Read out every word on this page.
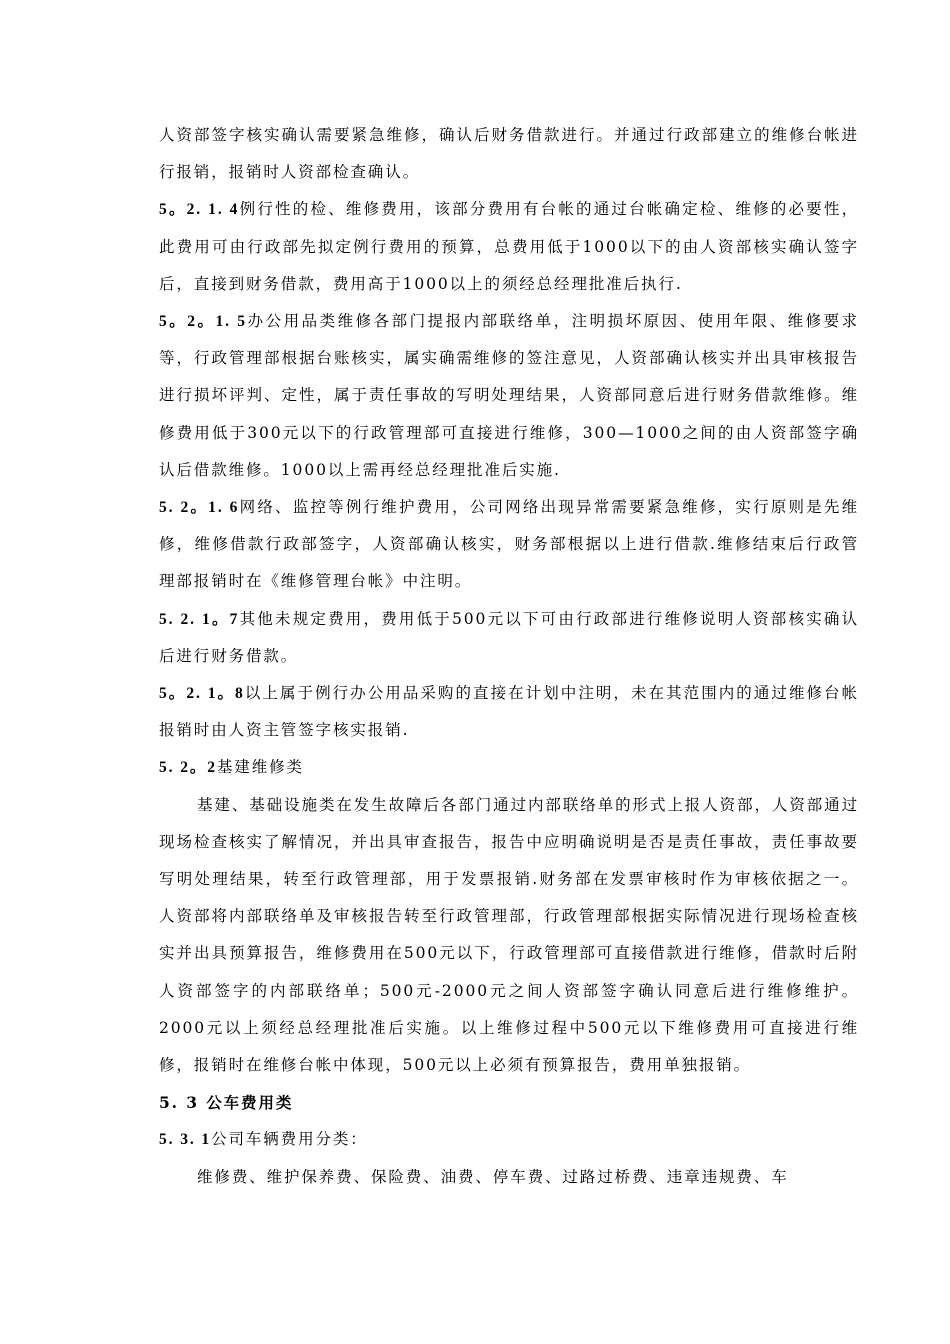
人资部签字核实确认需要紧急维修，确认后财务借款进行。并通过行政部建立的维修台帐进行报销，报销时人资部检查确认。

5。2. 1. 4例行性的检、维修费用，该部分费用有台帐的通过台帐确定检、维修的必要性，此费用可由行政部先拟定例行费用的预算，总费用低于1000以下的由人资部核实确认签字后，直接到财务借款，费用高于1000以上的须经总经理批准后执行.

5。2。1. 5办公用品类维修各部门提报内部联络单，注明损坏原因、使用年限、维修要求等，行政管理部根据台账核实，属实确需维修的签注意见，人资部确认核实并出具审核报告进行损坏评判、定性，属于责任事故的写明处理结果，人资部同意后进行财务借款维修。维修费用低于300元以下的行政管理部可直接进行维修，300—1000之间的由人资部签字确认后借款维修。1000以上需再经总经理批准后实施.

5. 2。1. 6网络、监控等例行维护费用，公司网络出现异常需要紧急维修，实行原则是先维修，维修借款行政部签字，人资部确认核实，财务部根据以上进行借款.维修结束后行政管理部报销时在《维修管理台帐》中注明。

5. 2. 1。7其他未规定费用，费用低于500元以下可由行政部进行维修说明人资部核实确认后进行财务借款。

5。2. 1。8以上属于例行办公用品采购的直接在计划中注明，未在其范围内的通过维修台帐报销时由人资主管签字核实报销.

5. 2。2基建维修类

基建、基础设施类在发生故障后各部门通过内部联络单的形式上报人资部，人资部通过现场检查核实了解情况，并出具审查报告，报告中应明确说明是否是责任事故，责任事故要写明处理结果，转至行政管理部，用于发票报销.财务部在发票审核时作为审核依据之一。人资部将内部联络单及审核报告转至行政管理部，行政管理部根据实际情况进行现场检查核实并出具预算报告，维修费用在500元以下，行政管理部可直接借款进行维修，借款时后附人资部签字的内部联络单；500元-2000元之间人资部签字确认同意后进行维修维护。2000元以上须经总经理批准后实施。以上维修过程中500元以下维修费用可直接进行维修，报销时在维修台帐中体现，500元以上必须有预算报告，费用单独报销。

5. 3 公车费用类

5. 3. 1公司车辆费用分类：

维修费、维护保养费、保险费、油费、停车费、过路过桥费、违章违规费、车
